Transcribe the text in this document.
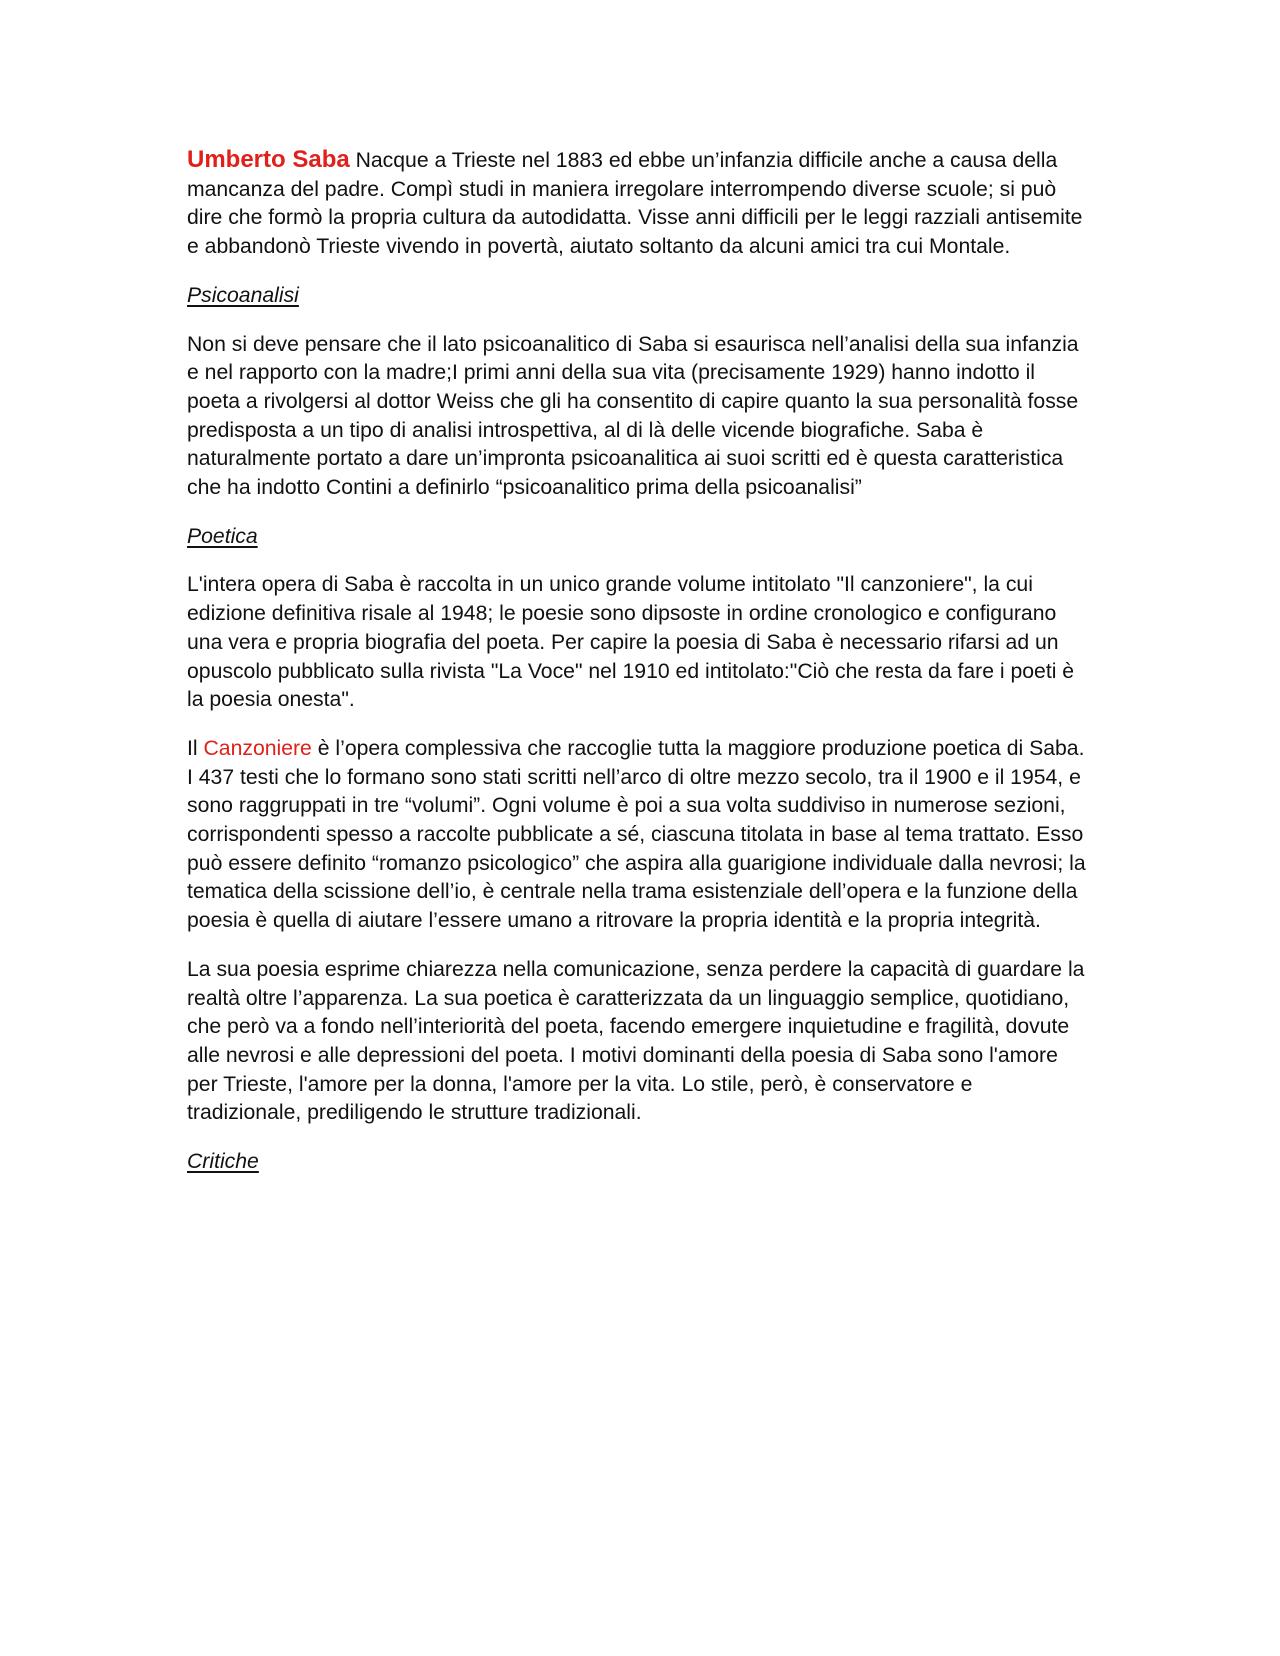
Umberto Saba Nacque a Trieste nel 1883 ed ebbe un’infanzia difficile anche a causa della mancanza del padre. Compì studi in maniera irregolare interrompendo diverse scuole; si può dire che formò la propria cultura da autodidatta. Visse anni difficili per le leggi razziali antisemite e abbandonò Trieste vivendo in povertà, aiutato soltanto da alcuni amici tra cui Montale.

Psicoanalisi

Non si deve pensare che il lato psicoanalitico di Saba si esaurisca nell’analisi della sua infanzia e nel rapporto con la madre;I primi anni della sua vita (precisamente 1929) hanno indotto il poeta a rivolgersi al dottor Weiss che gli ha consentito di capire quanto la sua personalità fosse predisposta a un tipo di analisi introspettiva, al di là delle vicende biografiche. Saba è naturalmente portato a dare un’impronta psicoanalitica ai suoi scritti ed è questa caratteristica che ha indotto Contini a definirlo “psicoanalitico prima della psicoanalisi”

Poetica

L'intera opera di Saba è raccolta in un unico grande volume intitolato "Il canzoniere", la cui edizione definitiva risale al 1948; le poesie sono dipsoste in ordine cronologico e configurano una vera e propria biografia del poeta. Per capire la poesia di Saba è necessario rifarsi ad un opuscolo pubblicato sulla rivista "La Voce" nel 1910 ed intitolato:"Ciò che resta da fare i poeti è la poesia onesta".

Il Canzoniere è l’opera complessiva che raccoglie tutta la maggiore produzione poetica di Saba. I 437 testi che lo formano sono stati scritti nell’arco di oltre mezzo secolo, tra il 1900 e il 1954, e sono raggruppati in tre “volumi”. Ogni volume è poi a sua volta suddiviso in numerose sezioni, corrispondenti spesso a raccolte pubblicate a sé, ciascuna titolata in base al tema trattato. Esso può essere definito “romanzo psicologico” che aspira alla guarigione individuale dalla nevrosi; la tematica della scissione dell’io, è centrale nella trama esistenziale dell’opera e la funzione della poesia è quella di aiutare l’essere umano a ritrovare la propria identità e la propria integrità.

La sua poesia esprime chiarezza nella comunicazione, senza perdere la capacità di guardare la realtà oltre l’apparenza. La sua poetica è caratterizzata da un linguaggio semplice, quotidiano, che però va a fondo nell’interiorità del poeta, facendo emergere inquietudine e fragilità, dovute alle nevrosi e alle depressioni del poeta. I motivi dominanti della poesia di Saba sono l'amore per Trieste, l'amore per la donna, l'amore per la vita. Lo stile, però, è conservatore e tradizionale, prediligendo le strutture tradizionali.

Critiche
